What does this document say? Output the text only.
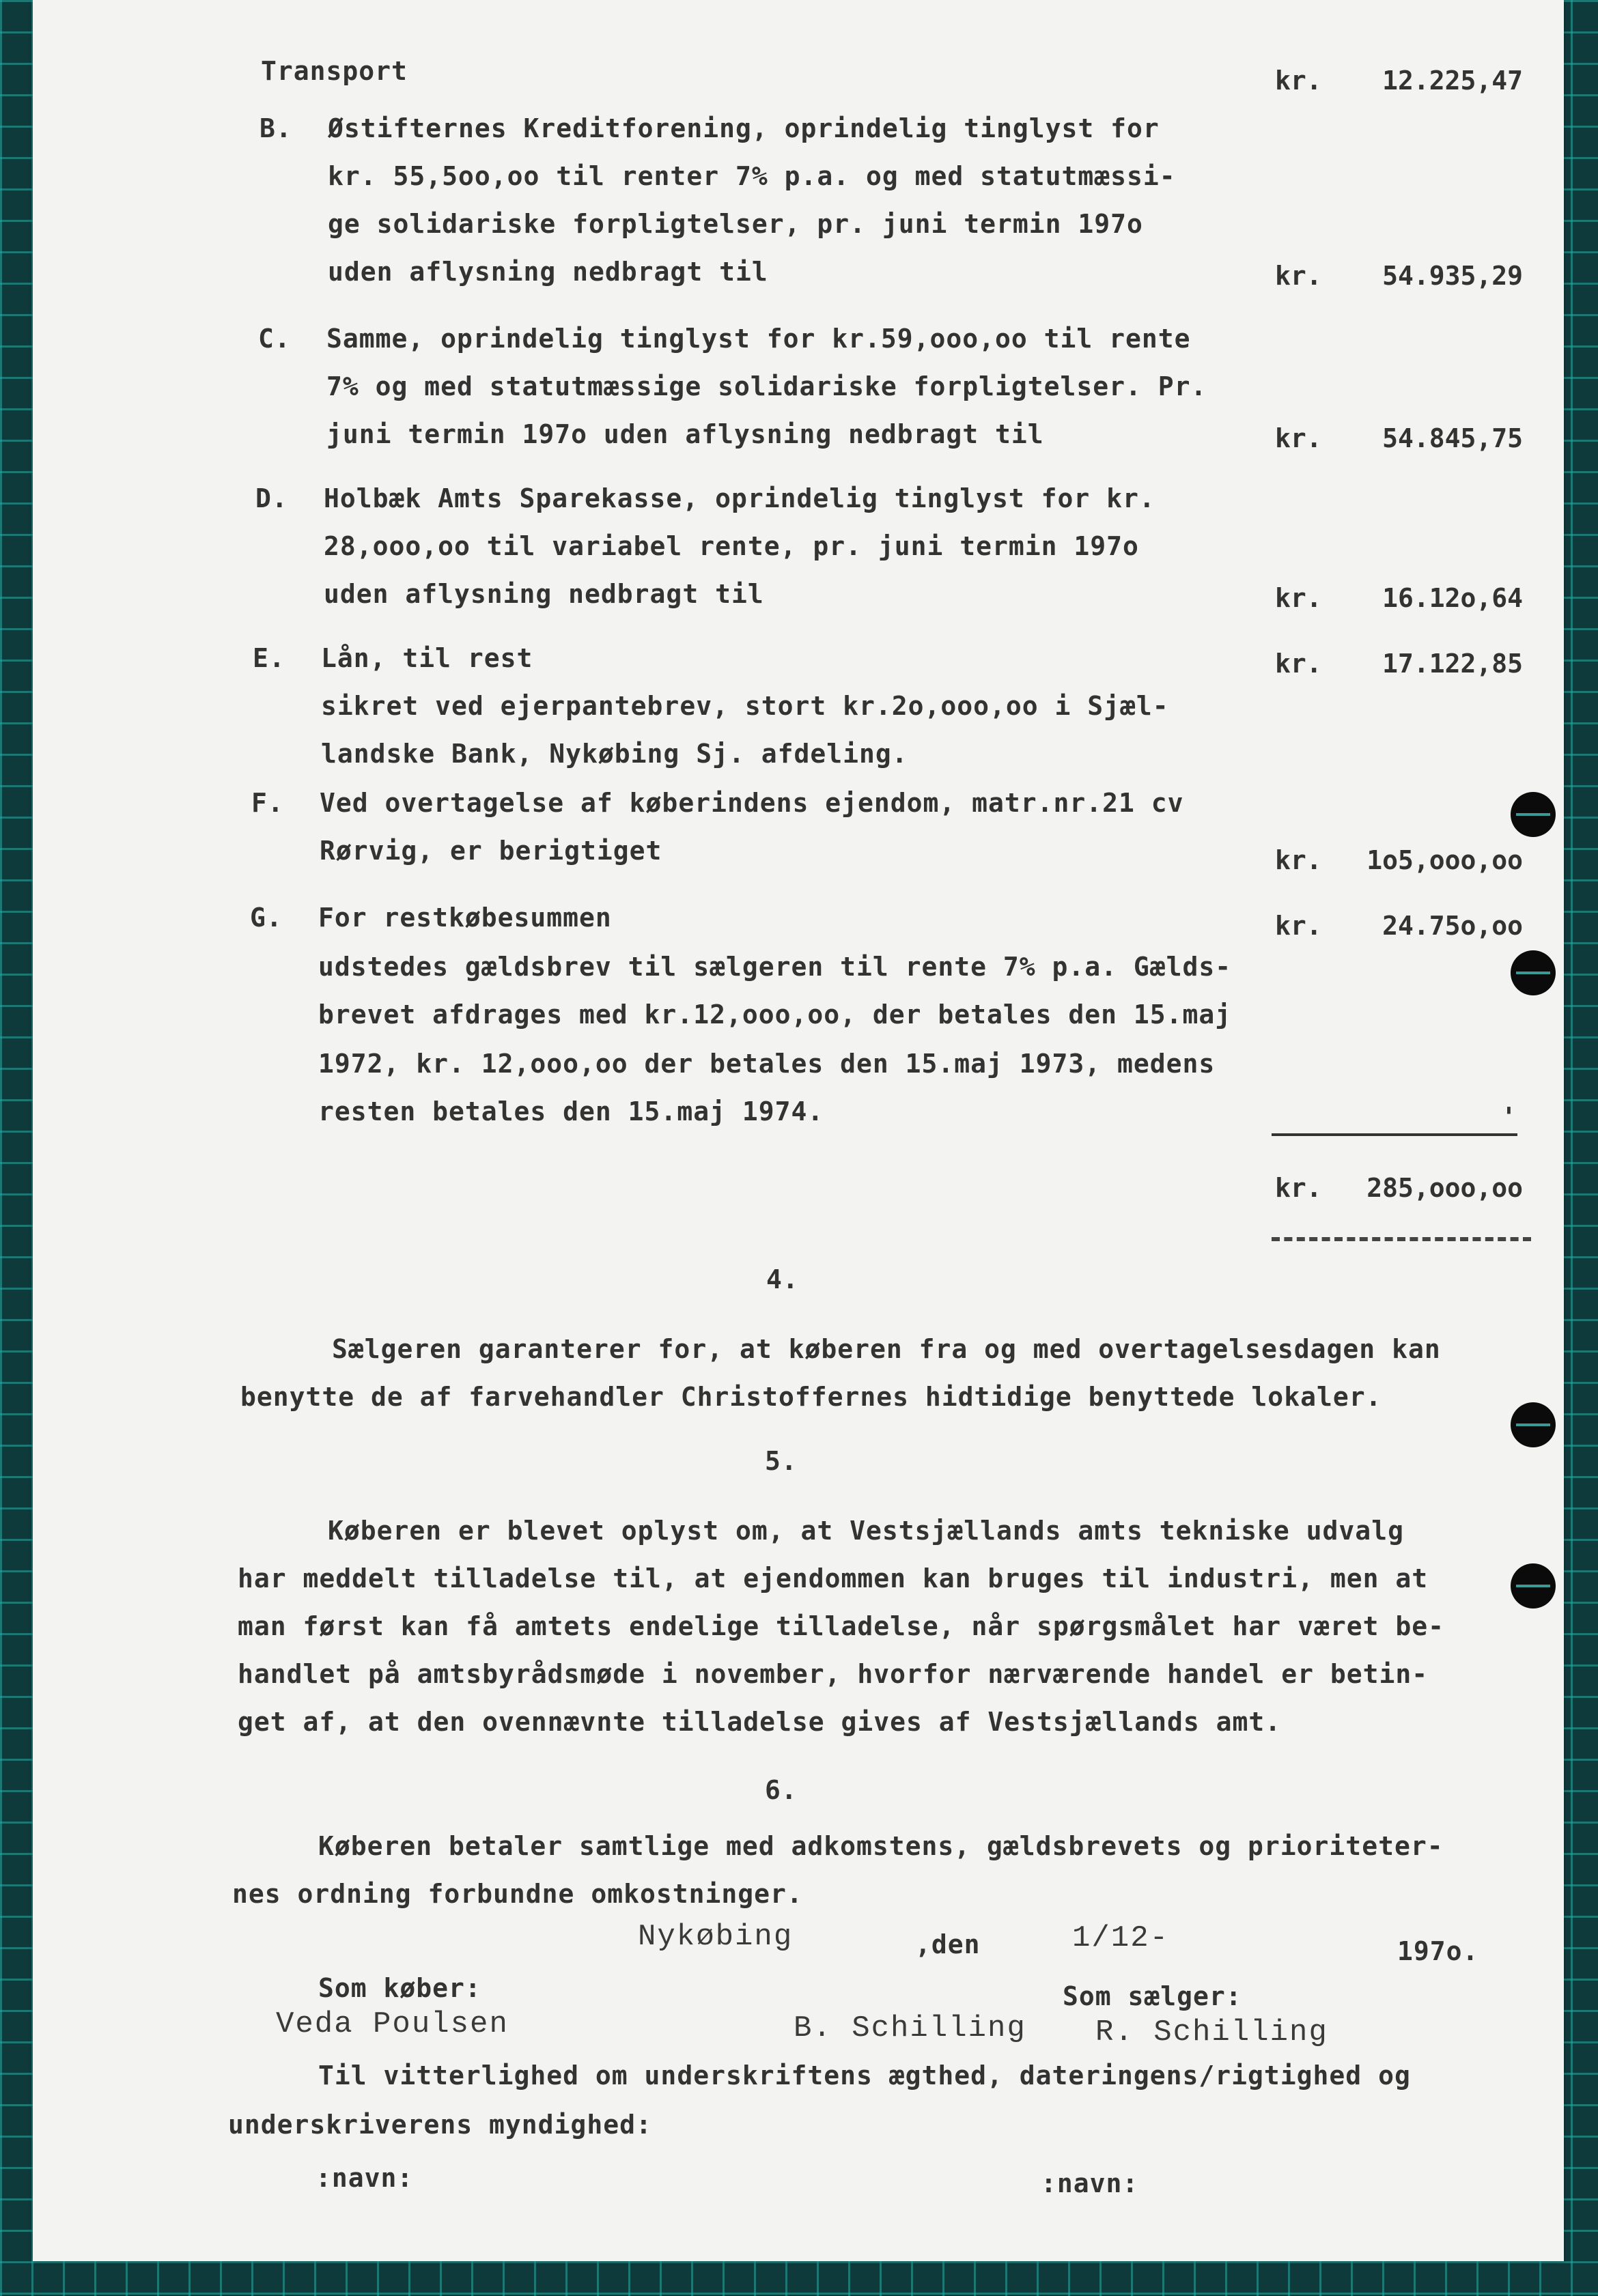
Transport	kr. 12.225,47
B. Østifternes Kreditforening, oprindelig tinglyst for
kr. 55,5oo,oo til renter 7% p.a. og med statutmæssi-
ge solidariske forpligtelser, pr. juni termin 197o
uden aflysning nedbragt til	kr. 54.935,29
C. Samme, oprindelig tinglyst for kr.59,ooo,oo til rente
7% og med statutmæssige solidariske forpligtelser. Pr.
juni termin 197o uden aflysning nedbragt til	kr. 54.845,75
D. Holbæk Amts Sparekasse, oprindelig tinglyst for kr.
28,ooo,oo til variabel rente, pr. juni termin 197o
uden aflysning nedbragt til	kr. 16.12o,64
E. Lån, til rest	kr. 17.122,85
sikret ved ejerpantebrev, stort kr.2o,ooo,oo i Sjæl-
landske Bank, Nykøbing Sj. afdeling.
F. Ved overtagelse af køberindens ejendom, matr.nr.21 cv
Rørvig, er berigtiget	kr. 1o5,ooo,oo
G. For restkøbesummen	kr. 24.75o,oo
udstedes gældsbrev til sælgeren til rente 7% p.a. Gælds-
brevet afdrages med kr.12,ooo,oo, der betales den 15.maj
1972, kr. 12,ooo,oo der betales den 15.maj 1973, medens
resten betales den 15.maj 1974.	'
kr. 285,ooo,oo
4.
Sælgeren garanterer for, at køberen fra og med overtagelsesdagen kan
benytte de af farvehandler Christoffernes hidtidige benyttede lokaler.
5.
Køberen er blevet oplyst om, at Vestsjællands amts tekniske udvalg
har meddelt tilladelse til, at ejendommen kan bruges til industri, men at
man først kan få amtets endelige tilladelse, når spørgsmålet har været be-
handlet på amtsbyrådsmøde i november, hvorfor nærværende handel er betin-
get af, at den ovennævnte tilladelse gives af Vestsjællands amt.
6.
Køberen betaler samtlige med adkomstens, gældsbrevets og prioriteter-
nes ordning forbundne omkostninger.
Nykøbing	,den	1/12-	197o.
Som køber:
Veda Poulsen
Som sælger:
B. Schilling R. Schilling
Til vitterlighed om underskriftens ægthed, dateringens/rigtighed og
underskriverens myndighed:
:navn:	:navn:
